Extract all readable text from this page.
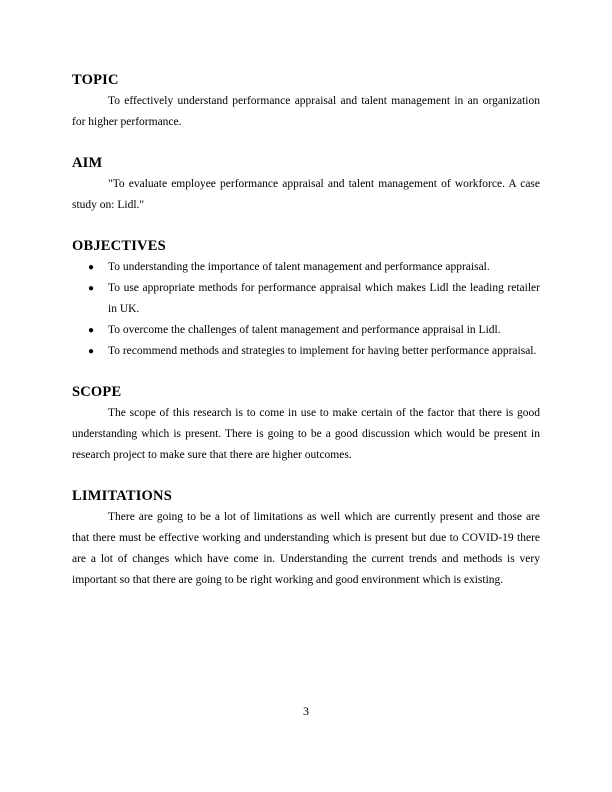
TOPIC

To effectively understand performance appraisal and talent management in an organization for higher performance.

AIM

"To evaluate employee performance appraisal and talent management of workforce. A case study on: Lidl."

OBJECTIVES
● To understanding the importance of talent management and performance appraisal.
● To use appropriate methods for performance appraisal which makes Lidl the leading retailer in UK.
● To overcome the challenges of talent management and performance appraisal in Lidl.
● To recommend methods and strategies to implement for having better performance appraisal.
SCOPE

The scope of this research is to come in use to make certain of the factor that there is good understanding which is present. There is going to be a good discussion which would be present in research project to make sure that there are higher outcomes.

LIMITATIONS

There are going to be a lot of limitations as well which are currently present and those are that there must be effective working and understanding which is present but due to COVID-19 there are a lot of changes which have come in. Understanding the current trends and methods is very important so that there are going to be right working and good environment which is existing.

3
